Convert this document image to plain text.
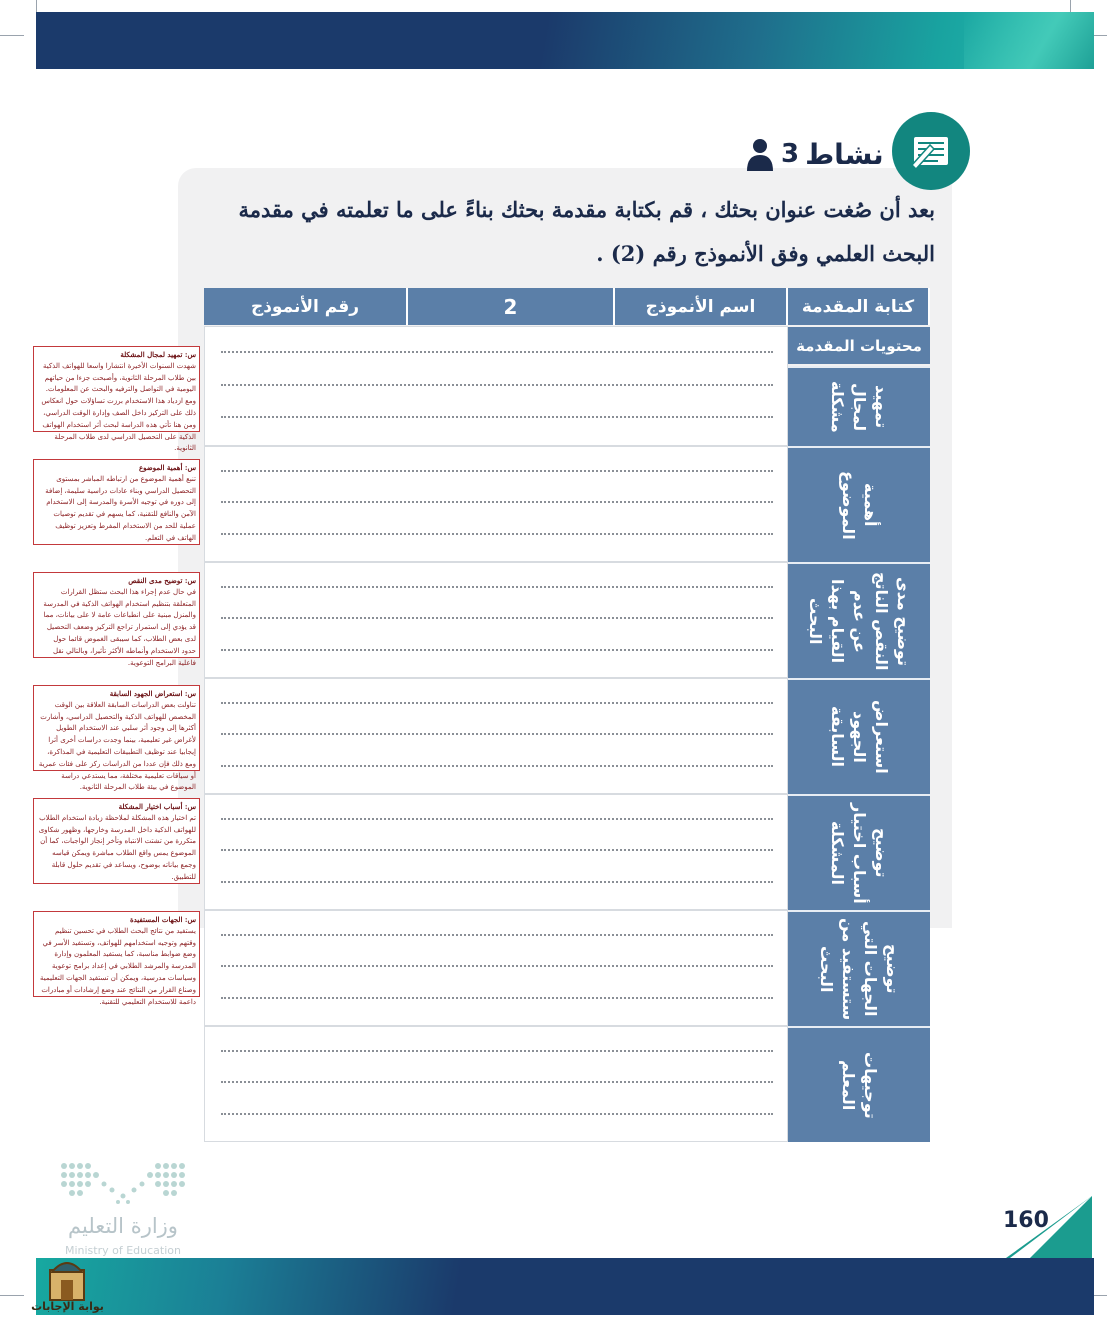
نشاط
3
بعد أن صُغت عنوان بحثك ، قم بكتابة مقدمة بحثك بناءً على ما تعلمته في مقدمة البحث العلمي وفق الأنموذج رقم (2) .
رقم الأنموذج	2	اسم الأنموذج	كتابة المقدمة
محتويات المقدمة
تمهيد لمجال مشكلة
أهمية الموضوع
توضيح مدى النقص الناتج عن عدم القيام بهذا البحث
استعراض الجهود السابقة
توضيح أسباب اختيار المشكلة
توضيح الجهات التي ستستفيد من البحث
توجيهات المعلم
س: تمهيد لمجال المشكلة
شهدت السنوات الأخيرة انتشارا واسعا للهواتف الذكية بين طلاب المرحلة الثانوية، وأصبحت جزءا من حياتهم اليومية في التواصل والترفيه والبحث عن المعلومات. ومع ازدياد هذا الاستخدام برزت تساؤلات حول انعكاس ذلك على التركيز داخل الصف وإدارة الوقت الدراسي، ومن هنا تأتي هذه الدراسة لبحث أثر استخدام الهواتف الذكية على التحصيل الدراسي لدى طلاب المرحلة الثانوية.
س: أهمية الموضوع
تنبع أهمية الموضوع من ارتباطه المباشر بمستوى التحصيل الدراسي وبناء عادات دراسية سليمة، إضافة إلى دوره في توجيه الأسرة والمدرسة إلى الاستخدام الآمن والنافع للتقنية، كما يسهم في تقديم توصيات عملية للحد من الاستخدام المفرط وتعزيز توظيف الهاتف في التعلم.
س: توضيح مدى النقص
في حال عدم إجراء هذا البحث ستظل القرارات المتعلقة بتنظيم استخدام الهواتف الذكية في المدرسة والمنزل مبنية على انطباعات عامة لا على بيانات، مما قد يؤدي إلى استمرار تراجع التركيز وضعف التحصيل لدى بعض الطلاب، كما سيبقى الغموض قائما حول حدود الاستخدام وأنماطه الأكثر تأثيرا، وبالتالي نقل فاعلية البرامج التوعوية.
س: استعراض الجهود السابقة
تناولت بعض الدراسات السابقة العلاقة بين الوقت المخصص للهواتف الذكية والتحصيل الدراسي، وأشارت أكثرها إلى وجود أثر سلبي عند الاستخدام الطويل لأغراض غير تعليمية، بينما وجدت دراسات أخرى أثرا إيجابيا عند توظيف التطبيقات التعليمية في المذاكرة، ومع ذلك فإن عددا من الدراسات ركز على فئات عمرية أو سياقات تعليمية مختلفة، مما يستدعي دراسة الموضوع في بيئة طلاب المرحلة الثانوية.
س: أسباب اختيار المشكلة
تم اختيار هذه المشكلة لملاحظة زيادة استخدام الطلاب للهواتف الذكية داخل المدرسة وخارجها، وظهور شكاوى متكررة من تشتت الانتباه وتأخر إنجاز الواجبات، كما أن الموضوع يمس واقع الطلاب مباشرة ويمكن قياسه وجمع بياناته بوضوح، ويساعد في تقديم حلول قابلة للتطبيق.
س: الجهات المستفيدة
يستفيد من نتائج البحث الطلاب في تحسين تنظيم وقتهم وتوجيه استخدامهم للهواتف، وتستفيد الأسر في وضع ضوابط مناسبة، كما يستفيد المعلمون وإدارة المدرسة والمرشد الطلابي في إعداد برامج توعوية وسياسات مدرسية، ويمكن أن تستفيد الجهات التعليمية وصناع القرار من النتائج عند وضع إرشادات أو مبادرات داعمة للاستخدام التعليمي للتقنية.
وزارة التعليم
Ministry of Education
160
بوابة الإجابات
